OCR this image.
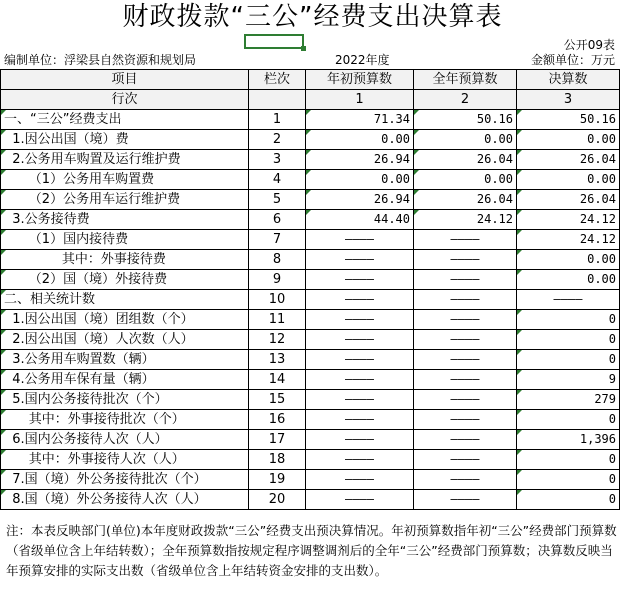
财政拨款“三公”经费支出决算表
公开09表
编制单位：浮梁县自然资源和规划局	2022年度	金额单位：万元
项目	栏次	年初预算数	全年预算数	决算数
行次		1	2	3
一、“三公”经费支出	1	71.34	50.16	50.16
1.因公出国（境）费	2	0.00	0.00	0.00
2.公务用车购置及运行维护费	3	26.94	26.04	26.04
（1）公务用车购置费	4	0.00	0.00	0.00
（2）公务用车运行维护费	5	26.94	26.04	26.04
3.公务接待费	6	44.40	24.12	24.12
（1）国内接待费	7	————	————	24.12
其中：外事接待费	8	————	————	0.00
（2）国（境）外接待费	9	————	————	0.00
二、相关统计数	10	————	————	————
1.因公出国（境）团组数（个）	11	————	————	0
2.因公出国（境）人次数（人）	12	————	————	0
3.公务用车购置数（辆）	13	————	————	0
4.公务用车保有量（辆）	14	————	————	9
5.国内公务接待批次（个）	15	————	————	279
其中：外事接待批次（个）	16	————	————	0
6.国内公务接待人次（人）	17	————	————	1,396
其中：外事接待人次（人）	18	————	————	0
7.国（境）外公务接待批次（个）	19	————	————	0
8.国（境）外公务接待人次（人）	20	————	————	0
注：本表反映部门(单位)本年度财政拨款“三公”经费支出预决算情况。年初预算数指年初“三公”经费部门预算数（省级单位含上年结转数）；全年预算数指按规定程序调整调剂后的全年“三公”经费部门预算数；决算数反映当年预算安排的实际支出数（省级单位含上年结转资金安排的支出数）。
